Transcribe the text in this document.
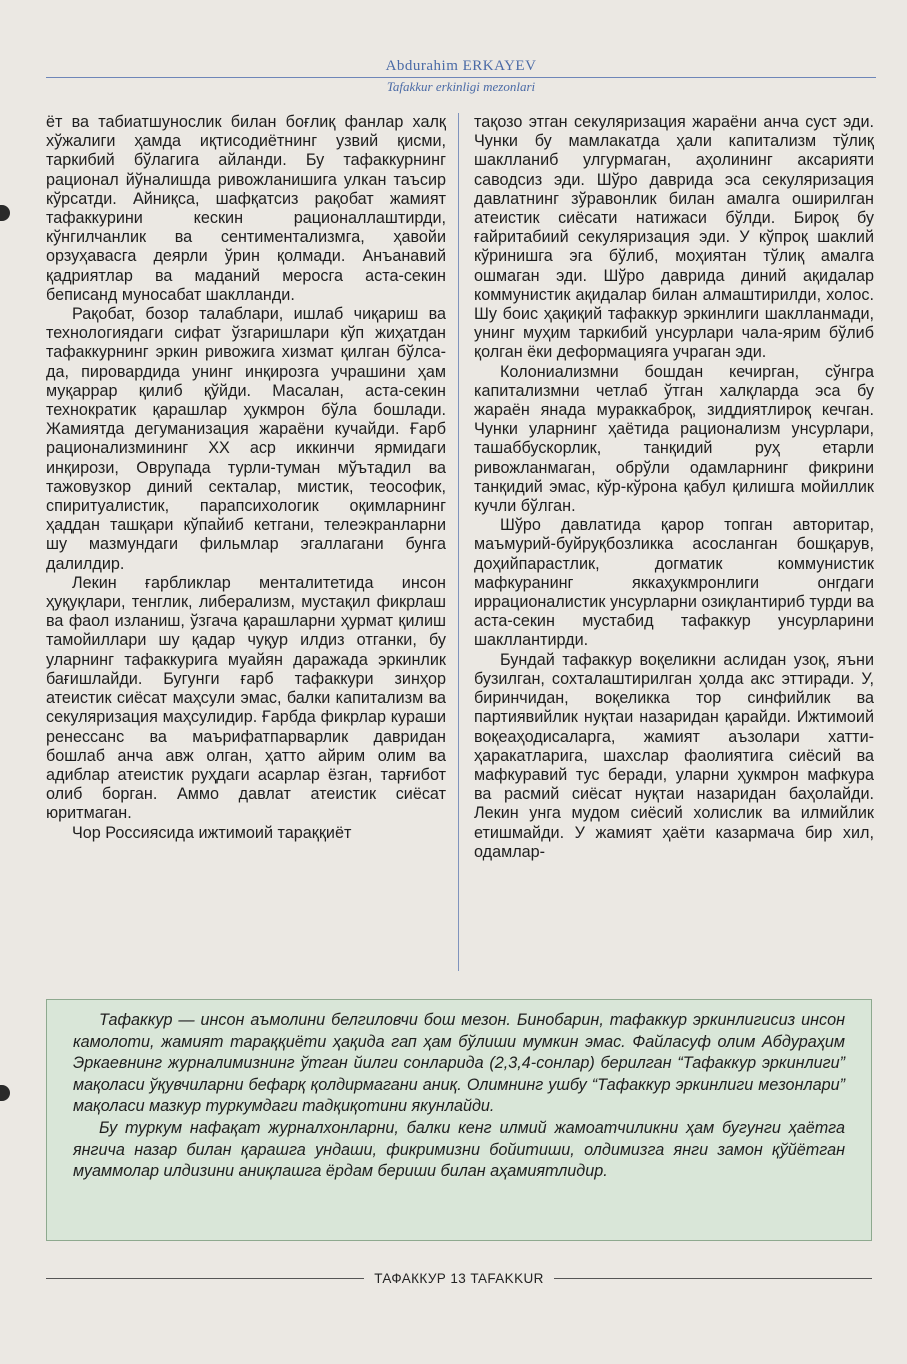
Abdurahim ERKAYEV
Tafakkur erkinligi mezonlari

ёт ва табиатшунослик билан боғлиқ фанлар халқ хўжалиги ҳамда иқтисодиётнинг узвий қисми, таркибий бўлагига айланди. Бу тафаккурнинг рационал йўналишда ривожланишига улкан таъсир кўрсатди. Айниқса, шафқатсиз рақобат жамият тафаккурини кескин рационаллаштирди, кўнгилчанлик ва сентиментализмга, ҳавойи орзуҳавасга деярли ўрин қолмади. Анъанавий қадриятлар ва маданий меросга аста-секин беписанд муносабат шаклланди.

Рақобат, бозор талаблари, ишлаб чиқариш ва технологиядаги сифат ўзгаришлари кўп жиҳатдан тафаккурнинг эркин ривожига хизмат қилган бўлса-да, пировардида унинг инқирозга учрашини ҳам муқаррар қилиб қўйди. Масалан, аста-секин технократик қарашлар ҳукмрон бўла бошлади. Жамиятда дегуманизация жараёни кучайди. Ғарб рационализмининг ХХ аср иккинчи ярмидаги инқирози, Оврупада турли-туман мўътадил ва тажовузкор диний секталар, мистик, теософик, спиритуалистик, парапсихологик оқимларнинг ҳаддан ташқари кўпайиб кетгани, телеэкранларни шу мазмундаги фильмлар эгаллагани бунга далилдир.

Лекин ғарбликлар менталитетида инсон ҳуқуқлари, тенглик, либерализм, мустақил фикрлаш ва фаол изланиш, ўзгача қарашларни ҳурмат қилиш тамойиллари шу қадар чуқур илдиз отганки, бу уларнинг тафаккурига муайян даражада эркинлик бағишлайди. Бугунги ғарб тафаккури зинҳор атеистик сиёсат маҳсули эмас, балки капитализм ва секуляризация маҳсулидир. Ғарбда фикрлар кураши ренессанс ва маърифатпарварлик давридан бошлаб анча авж олган, ҳатто айрим олим ва адиблар атеистик руҳдаги асарлар ёзган, тарғибот олиб борган. Аммо давлат атеистик сиёсат юритмаган.

Чор Россиясида ижтимоий тараққиёт

тақозо этган секуляризация жараёни анча суст эди. Чунки бу мамлакатда ҳали капитализм тўлиқ шаклланиб улгурмаган, аҳолининг аксарияти саводсиз эди. Шўро даврида эса секуляризация давлатнинг зўравонлик билан амалга оширилган атеистик сиёсати натижаси бўлди. Бироқ бу ғайритабиий секуляризация эди. У кўпроқ шаклий кўринишга эга бўлиб, моҳиятан тўлиқ амалга ошмаган эди. Шўро даврида диний ақидалар коммунистик ақидалар билан алмаштирилди, холос. Шу боис ҳақиқий тафаккур эркинлиги шаклланмади, унинг муҳим таркибий унсурлари чала-ярим бўлиб қолган ёки деформацияга учраган эди.

Колониализмни бошдан кечирган, сўнгра капитализмни четлаб ўтган халқларда эса бу жараён янада мураккаброқ, зиддиятлироқ кечган. Чунки уларнинг ҳаётида рационализм унсурлари, ташаббускорлик, танқидий руҳ етарли ривожланмаган, обрўли одамларнинг фикрини танқидий эмас, кўр-кўрона қабул қилишга мойиллик кучли бўлган.

Шўро давлатида қарор топган авторитар, маъмурий-буйруқбозликка асосланган бошқарув, доҳийпарастлик, догматик коммунистик мафкуранинг яккаҳукмронлиги онгдаги иррационалистик унсурларни озиқлантириб турди ва аста-секин мустабид тафаккур унсурларини шакллантирди.

Бундай тафаккур воқеликни аслидан узоқ, яъни бузилган, сохталаштирилган ҳолда акс эттиради. У, биринчидан, воқеликка тор синфийлик ва партиявийлик нуқтаи назаридан қарайди. Ижтимоий воқеаҳодисаларга, жамият аъзолари хатти-ҳаракатларига, шахслар фаолиятига сиёсий ва мафкуравий тус беради, уларни ҳукмрон мафкура ва расмий сиёсат нуқтаи назаридан баҳолайди. Лекин унга мудом сиёсий холислик ва илмийлик етишмайди. У жамият ҳаёти казармача бир хил, одамлар-

Тафаккур — инсон аъмолини белгиловчи бош мезон. Бинобарин, тафаккур эркинлигисиз инсон камолоти, жамият тараққиёти ҳақида гап ҳам бўлиши мумкин эмас. Файласуф олим Абдураҳим Эркаевнинг журналимизнинг ўтган йилги сонларида (2,3,4-сонлар) берилган “Тафаккур эркинлиги” мақоласи ўқувчиларни бефарқ қолдирмагани аниқ. Олимнинг ушбу “Тафаккур эркинлиги мезонлари” мақоласи мазкур туркумдаги тадқиқотини якунлайди.

Бу туркум нафақат журналхонларни, балки кенг илмий жамоатчиликни ҳам бугунги ҳаётга янгича назар билан қарашга ундаши, фикримизни бойитиши, олдимизга янги замон қўйётган муаммолар илдизини аниқлашга ёрдам бериши билан аҳамиятлидир.

ТАФАККУР 13 TAFAKKUR
